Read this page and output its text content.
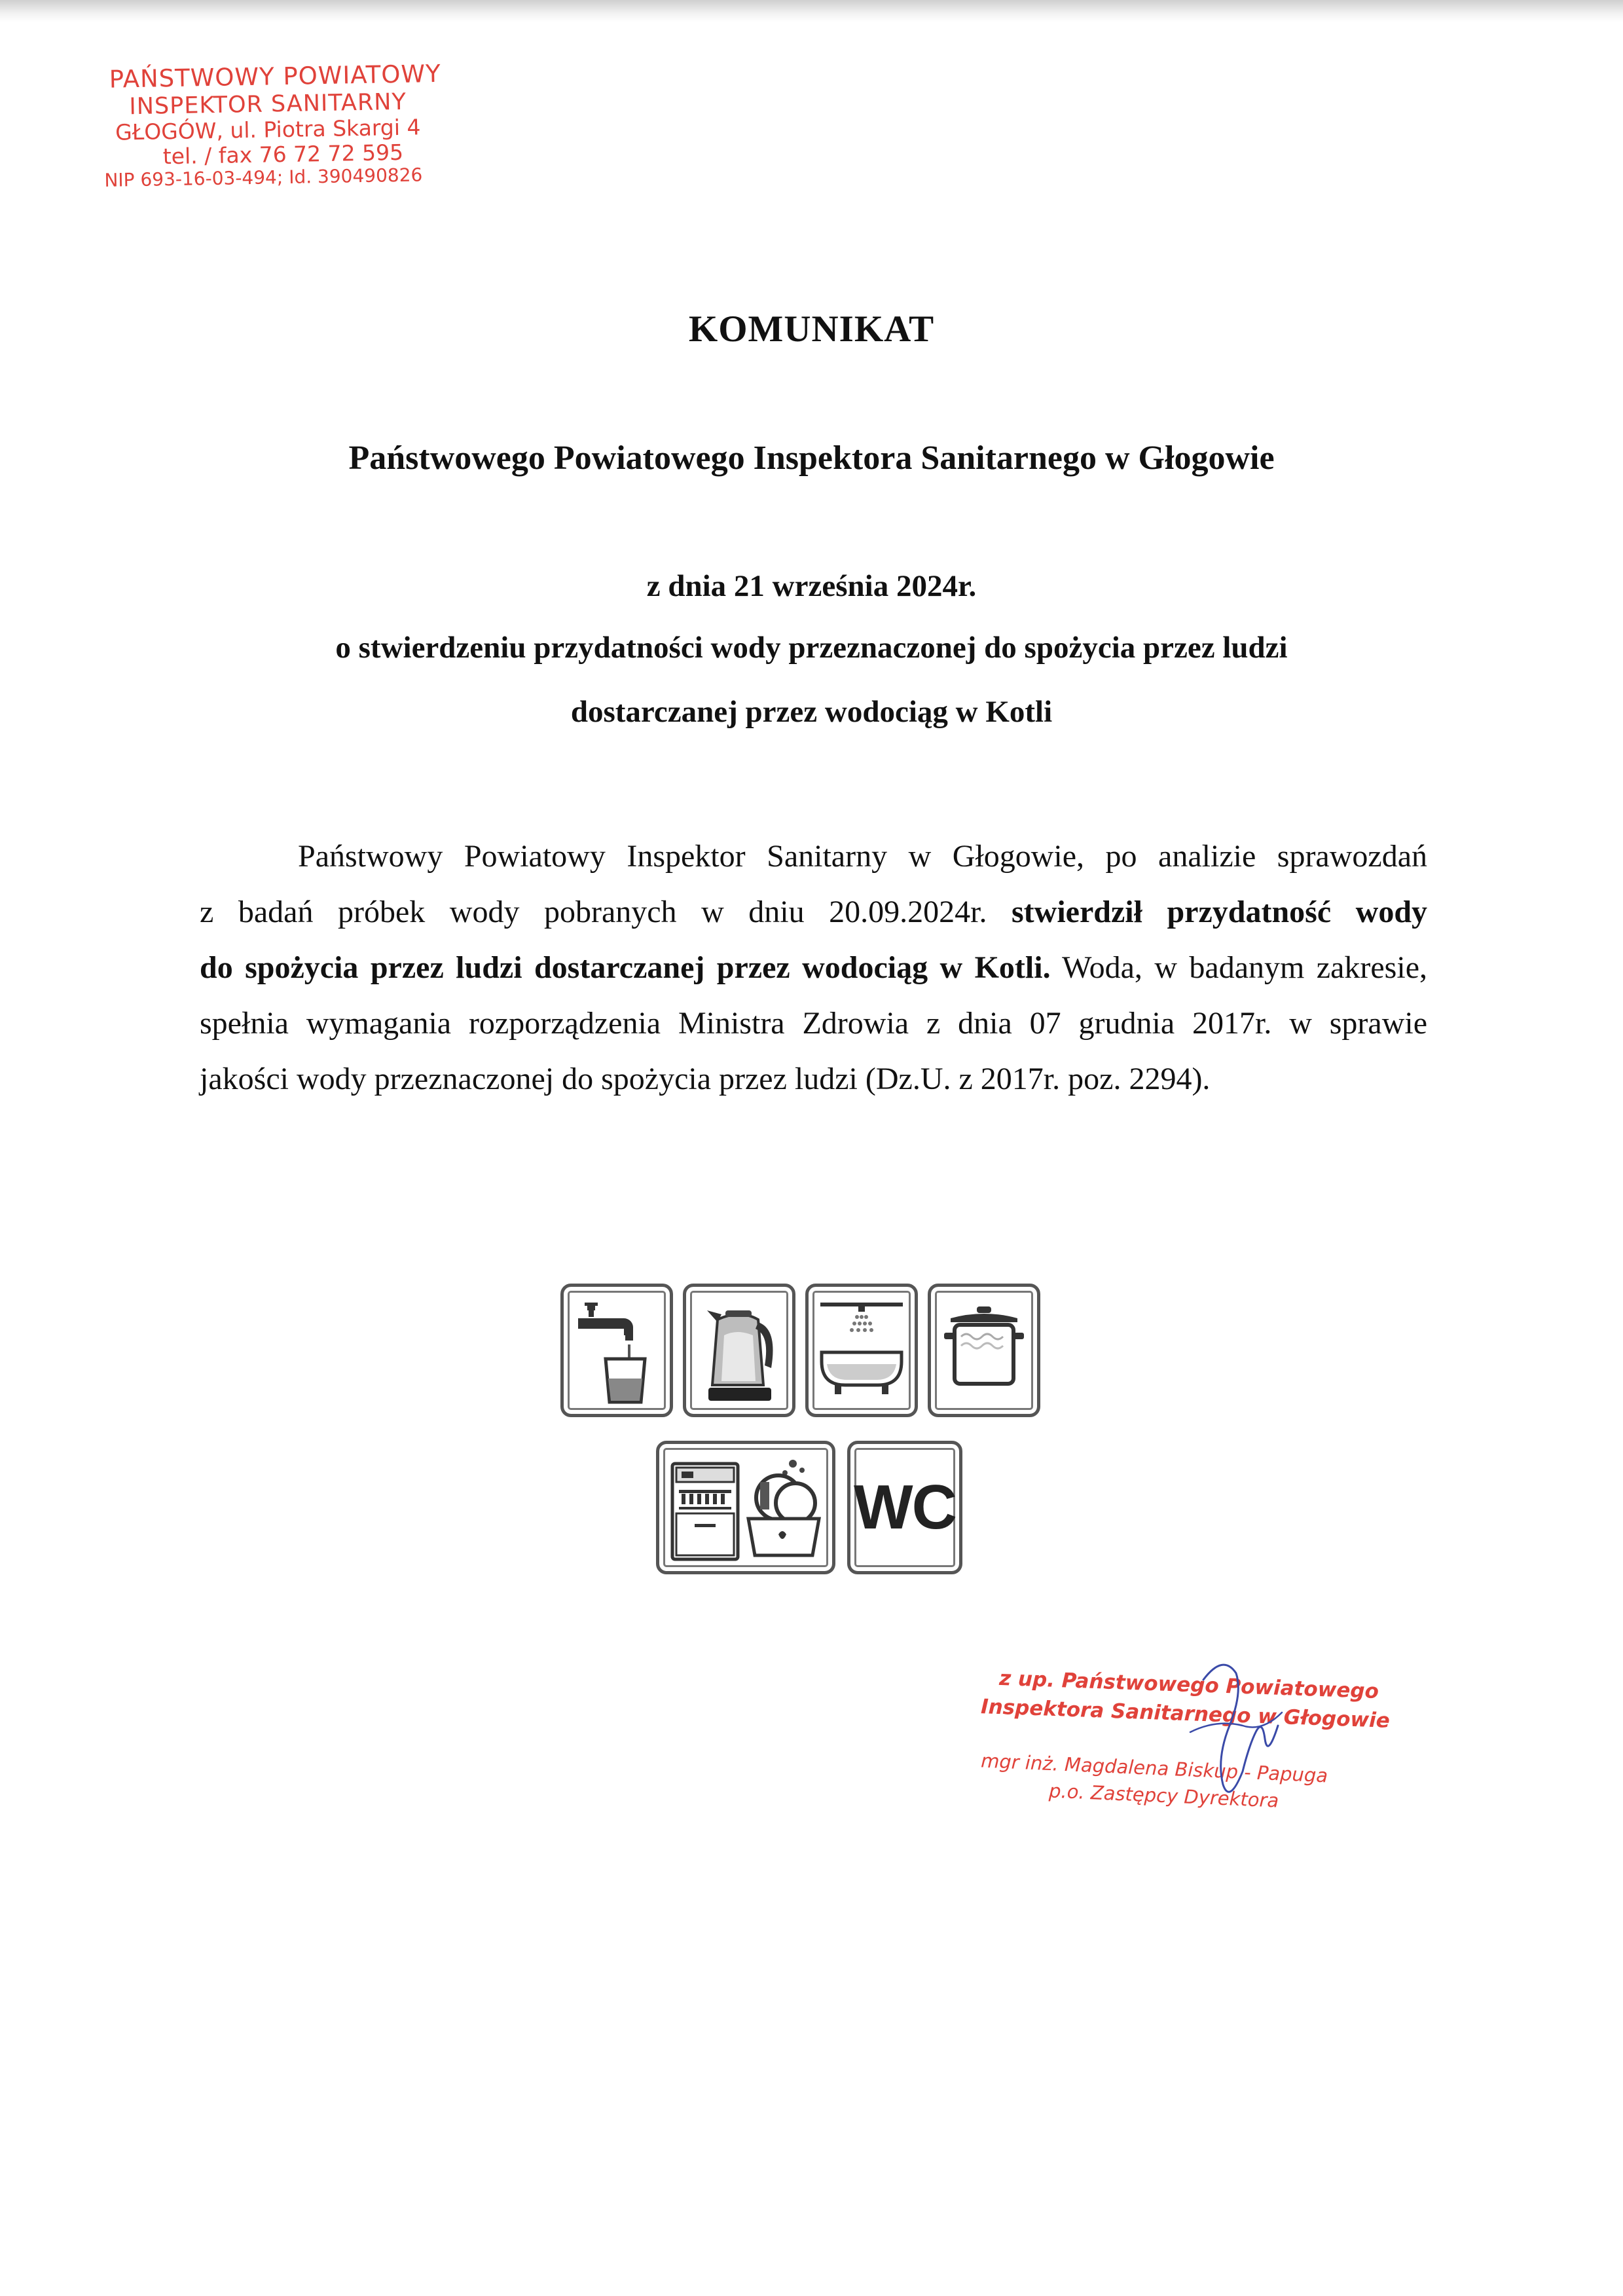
PAŃSTWOWY POWIATOWY
INSPEKTOR SANITARNY
GŁOGÓW, ul. Piotra Skargi 4
tel. / fax 76 72 72 595
NIP 693-16-03-494; Id. 390490826
KOMUNIKAT
Państwowego Powiatowego Inspektora Sanitarnego w Głogowie
z dnia 21 września 2024r.
o stwierdzeniu przydatności wody przeznaczonej do spożycia przez ludzi
dostarczanej przez wodociąg w Kotli
Państwowy Powiatowy Inspektor Sanitarny w Głogowie, po analizie sprawozdań
z badań próbek wody pobranych w dniu 20.09.2024r. stwierdził przydatność wody
do spożycia przez ludzi dostarczanej przez wodociąg w Kotli. Woda, w badanym zakresie,
spełnia wymagania rozporządzenia Ministra Zdrowia z dnia 07 grudnia 2017r. w sprawie
jakości wody przeznaczonej do spożycia przez ludzi (Dz.U. z 2017r. poz. 2294).
WC
z up. Państwowego Powiatowego
Inspektora Sanitarnego w Głogowie
mgr inż. Magdalena Biskup - Papuga
p.o. Zastępcy Dyrektora
